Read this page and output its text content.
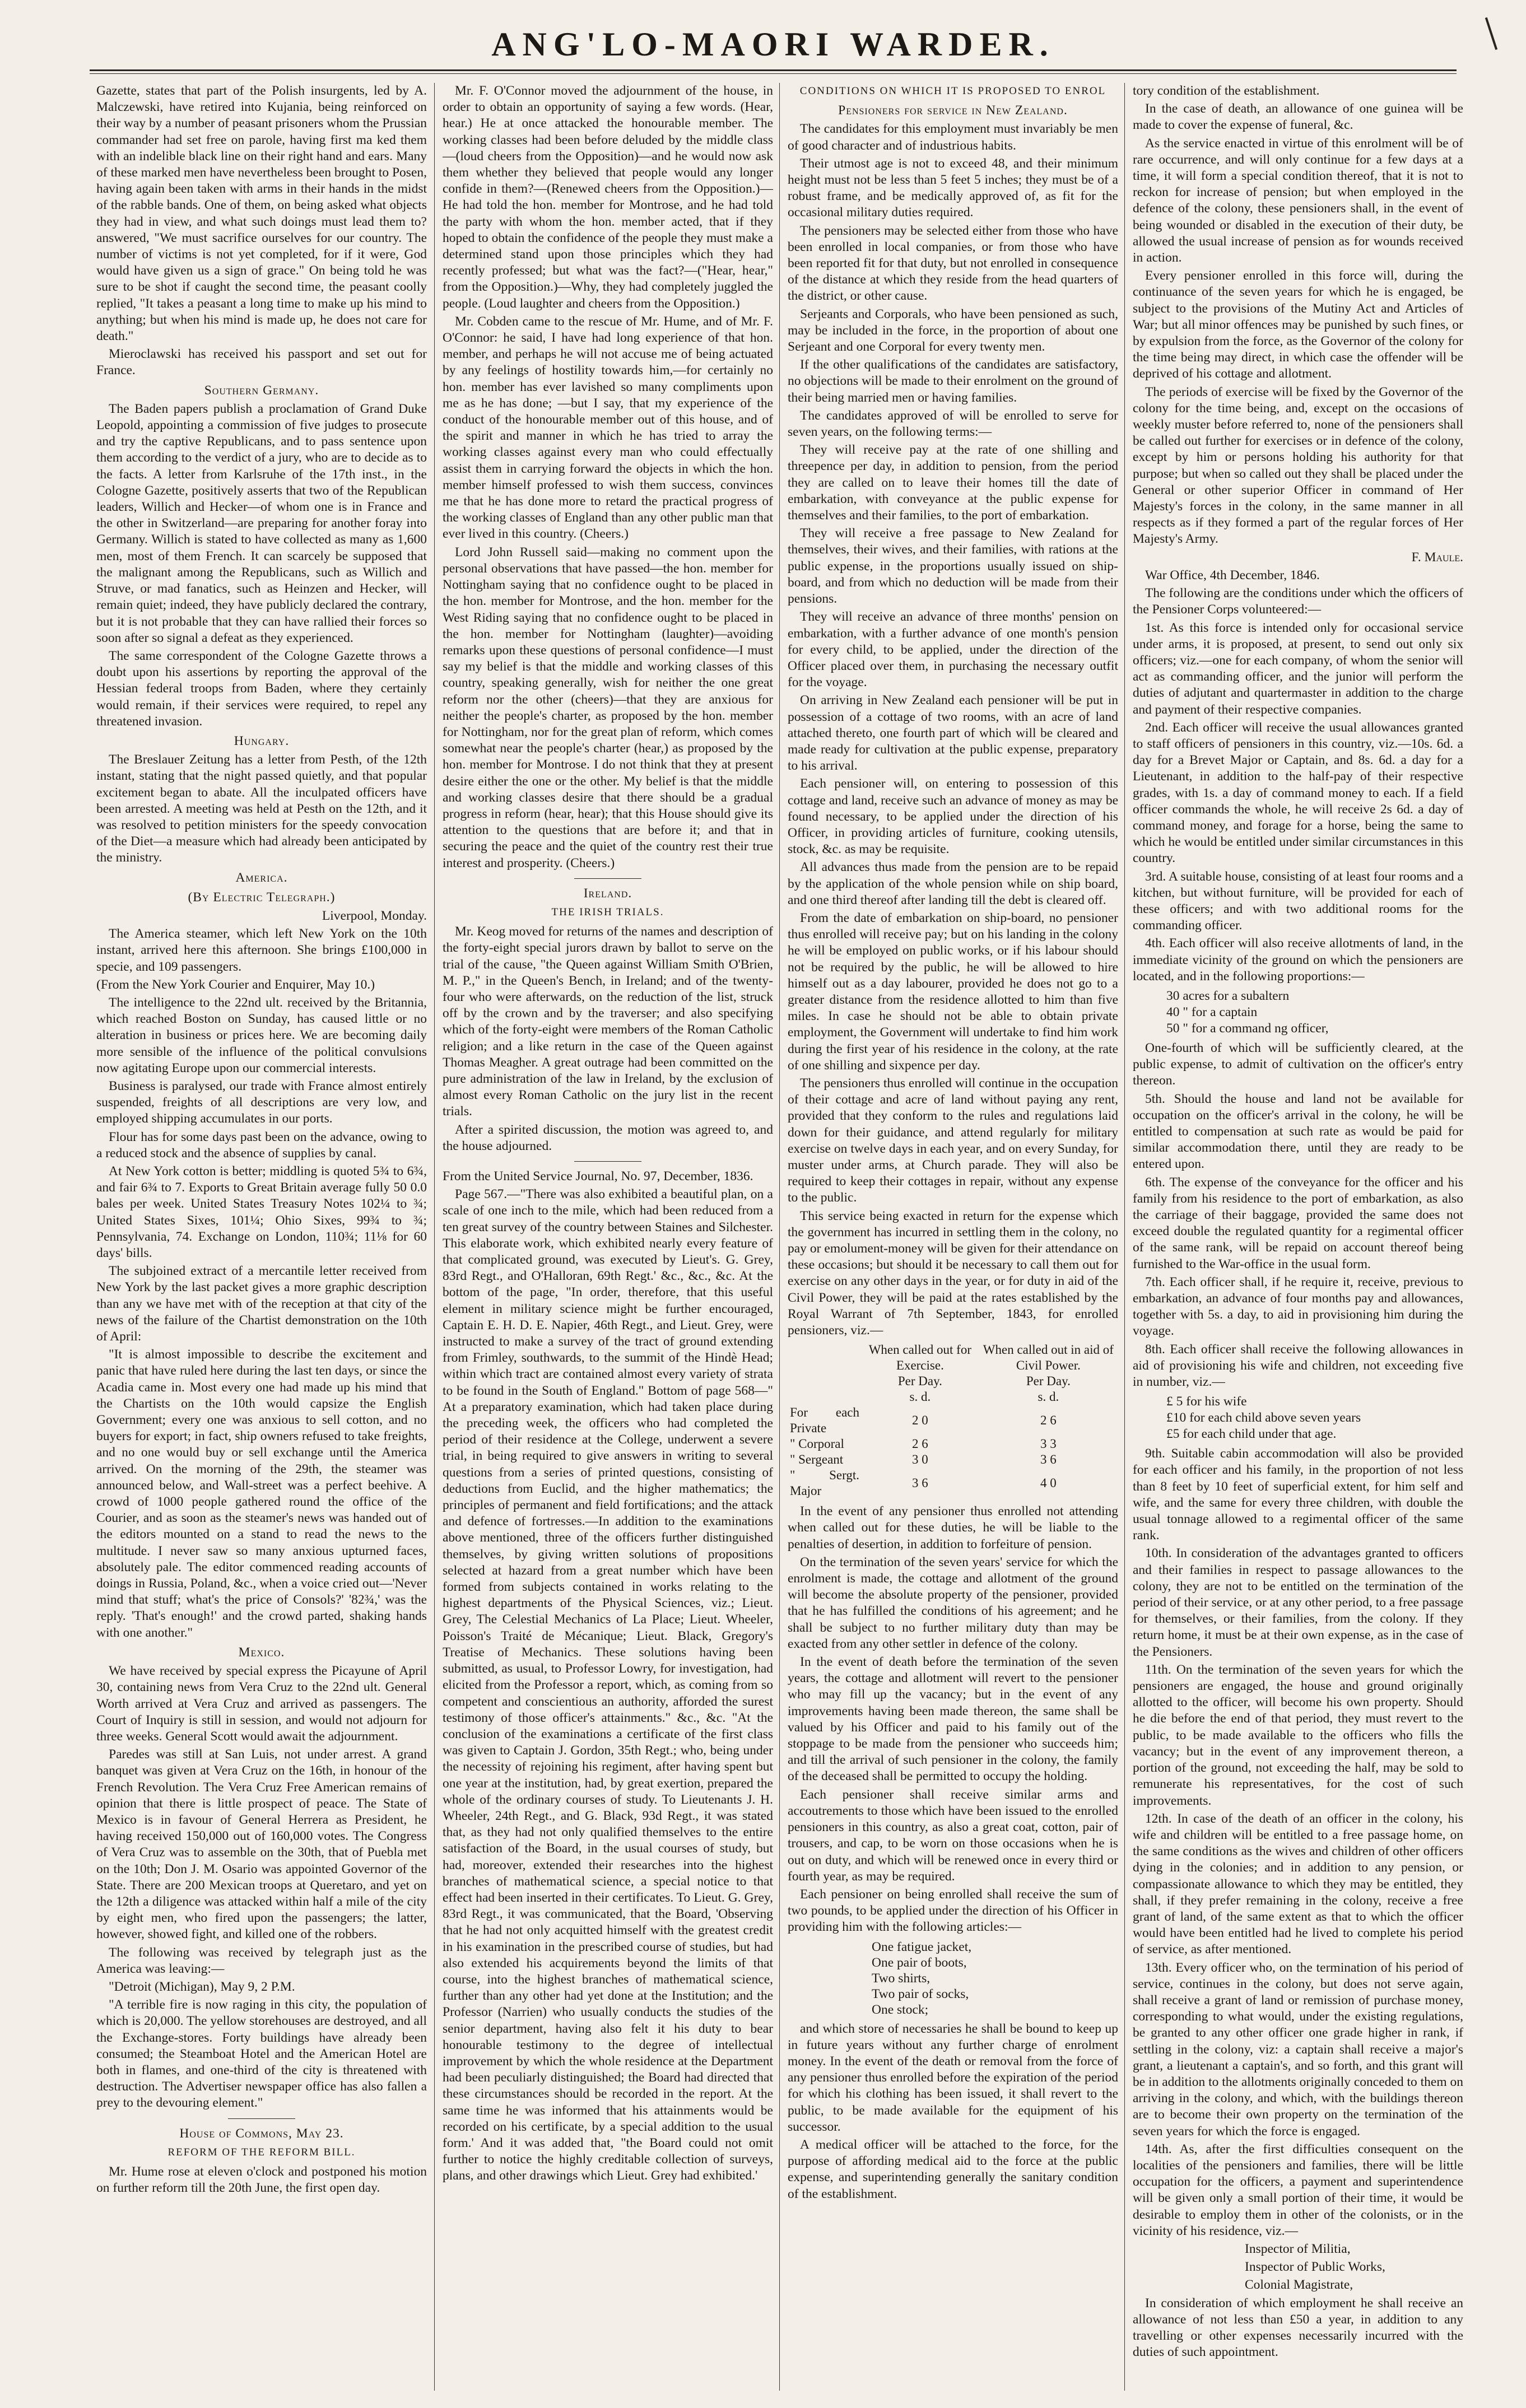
ANG'LO-MAORI WARDER.

Gazette, states that part of the Polish insurgents, led by A. Malczewski, have retired into Kujania, being reinforced on their way by a number of peasant prisoners whom the Prussian commander had set free on parole, having first ma ked them with an indelible black line on their right hand and ears. Many of these marked men have nevertheless been brought to Posen, having again been taken with arms in their hands in the midst of the rabble bands. One of them, on being asked what objects they had in view, and what such doings must lead them to? answered, "We must sacrifice ourselves for our country. The number of victims is not yet completed, for if it were, God would have given us a sign of grace." On being told he was sure to be shot if caught the second time, the peasant coolly replied, "It takes a peasant a long time to make up his mind to anything; but when his mind is made up, he does not care for death."

Mieroclawski has received his passport and set out for France.

Southern Germany.

The Baden papers publish a proclamation of Grand Duke Leopold, appointing a commission of five judges to prosecute and try the captive Republicans, and to pass sentence upon them according to the verdict of a jury, who are to decide as to the facts. A letter from Karlsruhe of the 17th inst., in the Cologne Gazette, positively asserts that two of the Republican leaders, Willich and Hecker—of whom one is in France and the other in Switzerland—are preparing for another foray into Germany. Willich is stated to have collected as many as 1,600 men, most of them French. It can scarcely be supposed that the malignant among the Republicans, such as Willich and Struve, or mad fanatics, such as Heinzen and Hecker, will remain quiet; indeed, they have publicly declared the contrary, but it is not probable that they can have rallied their forces so soon after so signal a defeat as they experienced.

The same correspondent of the Cologne Gazette throws a doubt upon his assertions by reporting the approval of the Hessian federal troops from Baden, where they certainly would remain, if their services were required, to repel any threatened invasion.

Hungary.

The Breslauer Zeitung has a letter from Pesth, of the 12th instant, stating that the night passed quietly, and that popular excitement began to abate. All the inculpated officers have been arrested. A meeting was held at Pesth on the 12th, and it was resolved to petition ministers for the speedy convocation of the Diet—a measure which had already been anticipated by the ministry.

America.

(By Electric Telegraph.)

Liverpool, Monday.

The America steamer, which left New York on the 10th instant, arrived here this afternoon. She brings £100,000 in specie, and 109 passengers.

(From the New York Courier and Enquirer, May 10.)

The intelligence to the 22nd ult. received by the Britannia, which reached Boston on Sunday, has caused little or no alteration in business or prices here. We are becoming daily more sensible of the influence of the political convulsions now agitating Europe upon our commercial interests.

Business is paralysed, our trade with France almost entirely suspended, freights of all descriptions are very low, and employed shipping accumulates in our ports.

Flour has for some days past been on the advance, owing to a reduced stock and the absence of supplies by canal.

At New York cotton is better; middling is quoted 5¾ to 6¾, and fair 6¾ to 7. Exports to Great Britain average fully 50 0.0 bales per week. United States Treasury Notes 102¼ to ¾; United States Sixes, 101¼; Ohio Sixes, 99¾ to ¾; Pennsylvania, 74. Exchange on London, 110¾; 11⅛ for 60 days' bills.

The subjoined extract of a mercantile letter received from New York by the last packet gives a more graphic description than any we have met with of the reception at that city of the news of the failure of the Chartist demonstration on the 10th of April:

"It is almost impossible to describe the excitement and panic that have ruled here during the last ten days, or since the Acadia came in. Most every one had made up his mind that the Chartists on the 10th would capsize the English Government; every one was anxious to sell cotton, and no buyers for export; in fact, ship owners refused to take freights, and no one would buy or sell exchange until the America arrived. On the morning of the 29th, the steamer was announced below, and Wall-street was a perfect beehive. A crowd of 1000 people gathered round the office of the Courier, and as soon as the steamer's news was handed out of the editors mounted on a stand to read the news to the multitude. I never saw so many anxious upturned faces, absolutely pale. The editor commenced reading accounts of doings in Russia, Poland, &c., when a voice cried out—'Never mind that stuff; what's the price of Consols?' '82¾,' was the reply. 'That's enough!' and the crowd parted, shaking hands with one another."

Mexico.

We have received by special express the Picayune of April 30, containing news from Vera Cruz to the 22nd ult. General Worth arrived at Vera Cruz and arrived as passengers. The Court of Inquiry is still in session, and would not adjourn for three weeks. General Scott would await the adjournment.

Paredes was still at San Luis, not under arrest. A grand banquet was given at Vera Cruz on the 16th, in honour of the French Revolution. The Vera Cruz Free American remains of opinion that there is little prospect of peace. The State of Mexico is in favour of General Herrera as President, he having received 150,000 out of 160,000 votes. The Congress of Vera Cruz was to assemble on the 30th, that of Puebla met on the 10th; Don J. M. Osario was appointed Governor of the State. There are 200 Mexican troops at Queretaro, and yet on the 12th a diligence was attacked within half a mile of the city by eight men, who fired upon the passengers; the latter, however, showed fight, and killed one of the robbers.

The following was received by telegraph just as the America was leaving:—

"Detroit (Michigan), May 9, 2 P.M.

"A terrible fire is now raging in this city, the population of which is 20,000. The yellow storehouses are destroyed, and all the Exchange-stores. Forty buildings have already been consumed; the Steamboat Hotel and the American Hotel are both in flames, and one-third of the city is threatened with destruction. The Advertiser newspaper office has also fallen a prey to the devouring element."

House of Commons, May 23.

REFORM OF THE REFORM BILL.

Mr. Hume rose at eleven o'clock and postponed his motion on further reform till the 20th June, the first open day.

Mr. F. O'Connor moved the adjournment of the house, in order to obtain an opportunity of saying a few words. (Hear, hear.) He at once attacked the honourable member. The working classes had been before deluded by the middle class—(loud cheers from the Opposition)—and he would now ask them whether they believed that people would any longer confide in them?—(Renewed cheers from the Opposition.)—He had told the hon. member for Montrose, and he had told the party with whom the hon. member acted, that if they hoped to obtain the confidence of the people they must make a determined stand upon those principles which they had recently professed; but what was the fact?—("Hear, hear," from the Opposition.)—Why, they had completely juggled the people. (Loud laughter and cheers from the Opposition.)

Mr. Cobden came to the rescue of Mr. Hume, and of Mr. F. O'Connor: he said, I have had long experience of that hon. member, and perhaps he will not accuse me of being actuated by any feelings of hostility towards him,—for certainly no hon. member has ever lavished so many compliments upon me as he has done; —but I say, that my experience of the conduct of the honourable member out of this house, and of the spirit and manner in which he has tried to array the working classes against every man who could effectually assist them in carrying forward the objects in which the hon. member himself professed to wish them success, convinces me that he has done more to retard the practical progress of the working classes of England than any other public man that ever lived in this country. (Cheers.)

Lord John Russell said—making no comment upon the personal observations that have passed—the hon. member for Nottingham saying that no confidence ought to be placed in the hon. member for Montrose, and the hon. member for the West Riding saying that no confidence ought to be placed in the hon. member for Nottingham (laughter)—avoiding remarks upon these questions of personal confidence—I must say my belief is that the middle and working classes of this country, speaking generally, wish for neither the one great reform nor the other (cheers)—that they are anxious for neither the people's charter, as proposed by the hon. member for Nottingham, nor for the great plan of reform, which comes somewhat near the people's charter (hear,) as proposed by the hon. member for Montrose. I do not think that they at present desire either the one or the other. My belief is that the middle and working classes desire that there should be a gradual progress in reform (hear, hear); that this House should give its attention to the questions that are before it; and that in securing the peace and the quiet of the country rest their true interest and prosperity. (Cheers.)

Ireland.

THE IRISH TRIALS.

Mr. Keog moved for returns of the names and description of the forty-eight special jurors drawn by ballot to serve on the trial of the cause, "the Queen against William Smith O'Brien, M. P.," in the Queen's Bench, in Ireland; and of the twenty-four who were afterwards, on the reduction of the list, struck off by the crown and by the traverser; and also specifying which of the forty-eight were members of the Roman Catholic religion; and a like return in the case of the Queen against Thomas Meagher. A great outrage had been committed on the pure administration of the law in Ireland, by the exclusion of almost every Roman Catholic on the jury list in the recent trials.

After a spirited discussion, the motion was agreed to, and the house adjourned.

From the United Service Journal, No. 97, December, 1836.

Page 567.—"There was also exhibited a beautiful plan, on a scale of one inch to the mile, which had been reduced from a ten great survey of the country between Staines and Silchester. This elaborate work, which exhibited nearly every feature of that complicated ground, was executed by Lieut's. G. Grey, 83rd Regt., and O'Halloran, 69th Regt.' &c., &c., &c. At the bottom of the page, "In order, therefore, that this useful element in military science might be further encouraged, Captain E. H. D. E. Napier, 46th Regt., and Lieut. Grey, were instructed to make a survey of the tract of ground extending from Frimley, southwards, to the summit of the Hindè Head; within which tract are contained almost every variety of strata to be found in the South of England." Bottom of page 568—" At a preparatory examination, which had taken place during the preceding week, the officers who had completed the period of their residence at the College, underwent a severe trial, in being required to give answers in writing to several questions from a series of printed questions, consisting of deductions from Euclid, and the higher mathematics; the principles of permanent and field fortifications; and the attack and defence of fortresses.—In addition to the examinations above mentioned, three of the officers further distinguished themselves, by giving written solutions of propositions selected at hazard from a great number which have been formed from subjects contained in works relating to the highest departments of the Physical Sciences, viz.; Lieut. Grey, The Celestial Mechanics of La Place; Lieut. Wheeler, Poisson's Traité de Mécanique; Lieut. Black, Gregory's Treatise of Mechanics. These solutions having been submitted, as usual, to Professor Lowry, for investigation, had elicited from the Professor a report, which, as coming from so competent and conscientious an authority, afforded the surest testimony of those officer's attainments." &c., &c. "At the conclusion of the examinations a certificate of the first class was given to Captain J. Gordon, 35th Regt.; who, being under the necessity of rejoining his regiment, after having spent but one year at the institution, had, by great exertion, prepared the whole of the ordinary courses of study. To Lieutenants J. H. Wheeler, 24th Regt., and G. Black, 93d Regt., it was stated that, as they had not only qualified themselves to the entire satisfaction of the Board, in the usual courses of study, but had, moreover, extended their researches into the highest branches of mathematical science, a special notice to that effect had been inserted in their certificates. To Lieut. G. Grey, 83rd Regt., it was communicated, that the Board, 'Observing that he had not only acquitted himself with the greatest credit in his examination in the prescribed course of studies, but had also extended his acquirements beyond the limits of that course, into the highest branches of mathematical science, further than any other had yet done at the Institution; and the Professor (Narrien) who usually conducts the studies of the senior department, having also felt it his duty to bear honourable testimony to the degree of intellectual improvement by which the whole residence at the Department had been peculiarly distinguished; the Board had directed that these circumstances should be recorded in the report. At the same time he was informed that his attainments would be recorded on his certificate, by a special addition to the usual form.' And it was added that, "the Board could not omit further to notice the highly creditable collection of surveys, plans, and other drawings which Lieut. Grey had exhibited.'

CONDITIONS ON WHICH IT IS PROPOSED TO ENROL

Pensioners for service in New Zealand.

The candidates for this employment must invariably be men of good character and of industrious habits.

Their utmost age is not to exceed 48, and their minimum height must not be less than 5 feet 5 inches; they must be of a robust frame, and be medically approved of, as fit for the occasional military duties required.

The pensioners may be selected either from those who have been enrolled in local companies, or from those who have been reported fit for that duty, but not enrolled in consequence of the distance at which they reside from the head quarters of the district, or other cause.

Serjeants and Corporals, who have been pensioned as such, may be included in the force, in the proportion of about one Serjeant and one Corporal for every twenty men.

If the other qualifications of the candidates are satisfactory, no objections will be made to their enrolment on the ground of their being married men or having families.

The candidates approved of will be enrolled to serve for seven years, on the following terms:—

They will receive pay at the rate of one shilling and threepence per day, in addition to pension, from the period they are called on to leave their homes till the date of embarkation, with conveyance at the public expense for themselves and their families, to the port of embarkation.

They will receive a free passage to New Zealand for themselves, their wives, and their families, with rations at the public expense, in the proportions usually issued on ship-board, and from which no deduction will be made from their pensions.

They will receive an advance of three months' pension on embarkation, with a further advance of one month's pension for every child, to be applied, under the direction of the Officer placed over them, in purchasing the necessary outfit for the voyage.

On arriving in New Zealand each pensioner will be put in possession of a cottage of two rooms, with an acre of land attached thereto, one fourth part of which will be cleared and made ready for cultivation at the public expense, preparatory to his arrival.

Each pensioner will, on entering to possession of this cottage and land, receive such an advance of money as may be found necessary, to be applied under the direction of his Officer, in providing articles of furniture, cooking utensils, stock, &c. as may be requisite.

All advances thus made from the pension are to be repaid by the application of the whole pension while on ship board, and one third thereof after landing till the debt is cleared off.

From the date of embarkation on ship-board, no pensioner thus enrolled will receive pay; but on his landing in the colony he will be employed on public works, or if his labour should not be required by the public, he will be allowed to hire himself out as a day labourer, provided he does not go to a greater distance from the residence allotted to him than five miles. In case he should not be able to obtain private employment, the Government will undertake to find him work during the first year of his residence in the colony, at the rate of one shilling and sixpence per day.

The pensioners thus enrolled will continue in the occupation of their cottage and acre of land without paying any rent, provided that they conform to the rules and regulations laid down for their guidance, and attend regularly for military exercise on twelve days in each year, and on every Sunday, for muster under arms, at Church parade. They will also be required to keep their cottages in repair, without any expense to the public.

This service being exacted in return for the expense which the government has incurred in settling them in the colony, no pay or emolument-money will be given for their attendance on these occasions; but should it be necessary to call them out for exercise on any other days in the year, or for duty in aid of the Civil Power, they will be paid at the rates established by the Royal Warrant of 7th September, 1843, for enrolled pensioners, viz.—

	When called out for Exercise.	When called out in aid of Civil Power.
	Per Day.	Per Day.
	s. d.	s. d.
For each Private	2 0	2 6
" Corporal	2 6	3 3
" Sergeant	3 0	3 6
" Sergt. Major	3 6	4 0

In the event of any pensioner thus enrolled not attending when called out for these duties, he will be liable to the penalties of desertion, in addition to forfeiture of pension.

On the termination of the seven years' service for which the enrolment is made, the cottage and allotment of the ground will become the absolute property of the pensioner, provided that he has fulfilled the conditions of his agreement; and he shall be subject to no further military duty than may be exacted from any other settler in defence of the colony.

In the event of death before the termination of the seven years, the cottage and allotment will revert to the pensioner who may fill up the vacancy; but in the event of any improvements having been made thereon, the same shall be valued by his Officer and paid to his family out of the stoppage to be made from the pensioner who succeeds him; and till the arrival of such pensioner in the colony, the family of the deceased shall be permitted to occupy the holding.

Each pensioner shall receive similar arms and accoutrements to those which have been issued to the enrolled pensioners in this country, as also a great coat, cotton, pair of trousers, and cap, to be worn on those occasions when he is out on duty, and which will be renewed once in every third or fourth year, as may be required.

Each pensioner on being enrolled shall receive the sum of two pounds, to be applied under the direction of his Officer in providing him with the following articles:—

One fatigue jacket,
One pair of boots,
Two shirts,
Two pair of socks,
One stock;

and which store of necessaries he shall be bound to keep up in future years without any further charge of enrolment money. In the event of the death or removal from the force of any pensioner thus enrolled before the expiration of the period for which his clothing has been issued, it shall revert to the public, to be made available for the equipment of his successor.

A medical officer will be attached to the force, for the purpose of affording medical aid to the force at the public expense, and superintending generally the sanitary condition of the establishment.

tory condition of the establishment.

In the case of death, an allowance of one guinea will be made to cover the expense of funeral, &c.

As the service enacted in virtue of this enrolment will be of rare occurrence, and will only continue for a few days at a time, it will form a special condition thereof, that it is not to reckon for increase of pension; but when employed in the defence of the colony, these pensioners shall, in the event of being wounded or disabled in the execution of their duty, be allowed the usual increase of pension as for wounds received in action.

Every pensioner enrolled in this force will, during the continuance of the seven years for which he is engaged, be subject to the provisions of the Mutiny Act and Articles of War; but all minor offences may be punished by such fines, or by expulsion from the force, as the Governor of the colony for the time being may direct, in which case the offender will be deprived of his cottage and allotment.

The periods of exercise will be fixed by the Governor of the colony for the time being, and, except on the occasions of weekly muster before referred to, none of the pensioners shall be called out further for exercises or in defence of the colony, except by him or persons holding his authority for that purpose; but when so called out they shall be placed under the General or other superior Officer in command of Her Majesty's forces in the colony, in the same manner in all respects as if they formed a part of the regular forces of Her Majesty's Army.

F. Maule.

War Office, 4th December, 1846.

The following are the conditions under which the officers of the Pensioner Corps volunteered:—

1st. As this force is intended only for occasional service under arms, it is proposed, at present, to send out only six officers; viz.—one for each company, of whom the senior will act as commanding officer, and the junior will perform the duties of adjutant and quartermaster in addition to the charge and payment of their respective companies.

2nd. Each officer will receive the usual allowances granted to staff officers of pensioners in this country, viz.—10s. 6d. a day for a Brevet Major or Captain, and 8s. 6d. a day for a Lieutenant, in addition to the half-pay of their respective grades, with 1s. a day of command money to each. If a field officer commands the whole, he will receive 2s 6d. a day of command money, and forage for a horse, being the same to which he would be entitled under similar circumstances in this country.

3rd. A suitable house, consisting of at least four rooms and a kitchen, but without furniture, will be provided for each of these officers; and with two additional rooms for the commanding officer.

4th. Each officer will also receive allotments of land, in the immediate vicinity of the ground on which the pensioners are located, and in the following proportions:—

30 acres for a subaltern
40 " for a captain
50 " for a command ng officer,

One-fourth of which will be sufficiently cleared, at the public expense, to admit of cultivation on the officer's entry thereon.

5th. Should the house and land not be available for occupation on the officer's arrival in the colony, he will be entitled to compensation at such rate as would be paid for similar accommodation there, until they are ready to be entered upon.

6th. The expense of the conveyance for the officer and his family from his residence to the port of embarkation, as also the carriage of their baggage, provided the same does not exceed double the regulated quantity for a regimental officer of the same rank, will be repaid on account thereof being furnished to the War-office in the usual form.

7th. Each officer shall, if he require it, receive, previous to embarkation, an advance of four months pay and allowances, together with 5s. a day, to aid in provisioning him during the voyage.

8th. Each officer shall receive the following allowances in aid of provisioning his wife and children, not exceeding five in number, viz.—

£ 5 for his wife
£10 for each child above seven years
£5 for each child under that age.

9th. Suitable cabin accommodation will also be provided for each officer and his family, in the proportion of not less than 8 feet by 10 feet of superficial extent, for him self and wife, and the same for every three children, with double the usual tonnage allowed to a regimental officer of the same rank.

10th. In consideration of the advantages granted to officers and their families in respect to passage allowances to the colony, they are not to be entitled on the termination of the period of their service, or at any other period, to a free passage for themselves, or their families, from the colony. If they return home, it must be at their own expense, as in the case of the Pensioners.

11th. On the termination of the seven years for which the pensioners are engaged, the house and ground originally allotted to the officer, will become his own property. Should he die before the end of that period, they must revert to the public, to be made available to the officers who fills the vacancy; but in the event of any improvement thereon, a portion of the ground, not exceeding the half, may be sold to remunerate his representatives, for the cost of such improvements.

12th. In case of the death of an officer in the colony, his wife and children will be entitled to a free passage home, on the same conditions as the wives and children of other officers dying in the colonies; and in addition to any pension, or compassionate allowance to which they may be entitled, they shall, if they prefer remaining in the colony, receive a free grant of land, of the same extent as that to which the officer would have been entitled had he lived to complete his period of service, as after mentioned.

13th. Every officer who, on the termination of his period of service, continues in the colony, but does not serve again, shall receive a grant of land or remission of purchase money, corresponding to what would, under the existing regulations, be granted to any other officer one grade higher in rank, if settling in the colony, viz: a captain shall receive a major's grant, a lieutenant a captain's, and so forth, and this grant will be in addition to the allotments originally conceded to them on arriving in the colony, and which, with the buildings thereon are to become their own property on the termination of the seven years for which the force is engaged.

14th. As, after the first difficulties consequent on the localities of the pensioners and families, there will be little occupation for the officers, a payment and superintendence will be given only a small portion of their time, it would be desirable to employ them in other of the colonists, or in the vicinity of his residence, viz.—

Inspector of Militia,

Inspector of Public Works,

Colonial Magistrate,

In consideration of which employment he shall receive an allowance of not less than £50 a year, in addition to any travelling or other expenses necessarily incurred with the duties of such appointment.
